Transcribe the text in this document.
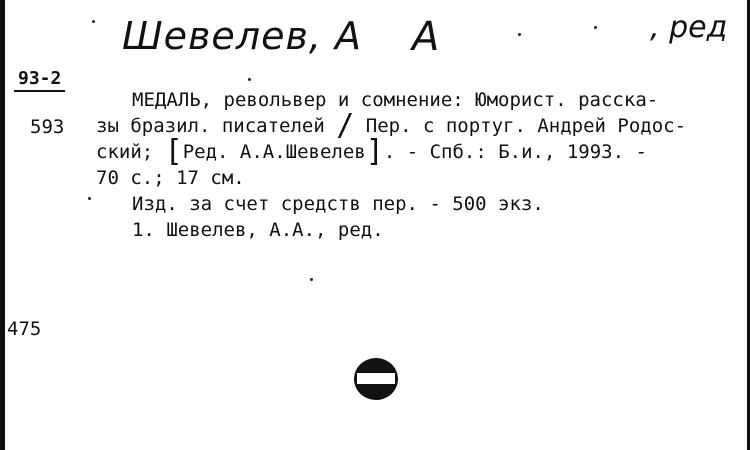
Шевелев, А А	, ред
93-2
593
475
МЕДАЛЬ, револьвер и сомнение: Юморист. расска-
зы бразил. писателей / Пер. с португ. Андрей Родос-
ский; [Ред. А.А.Шевелев]. - Спб.: Б.и., 1993. -
70 с.; 17 см.
Изд. за счет средств пер. - 500 экз.
1. Шевелев, А.А., ред.
